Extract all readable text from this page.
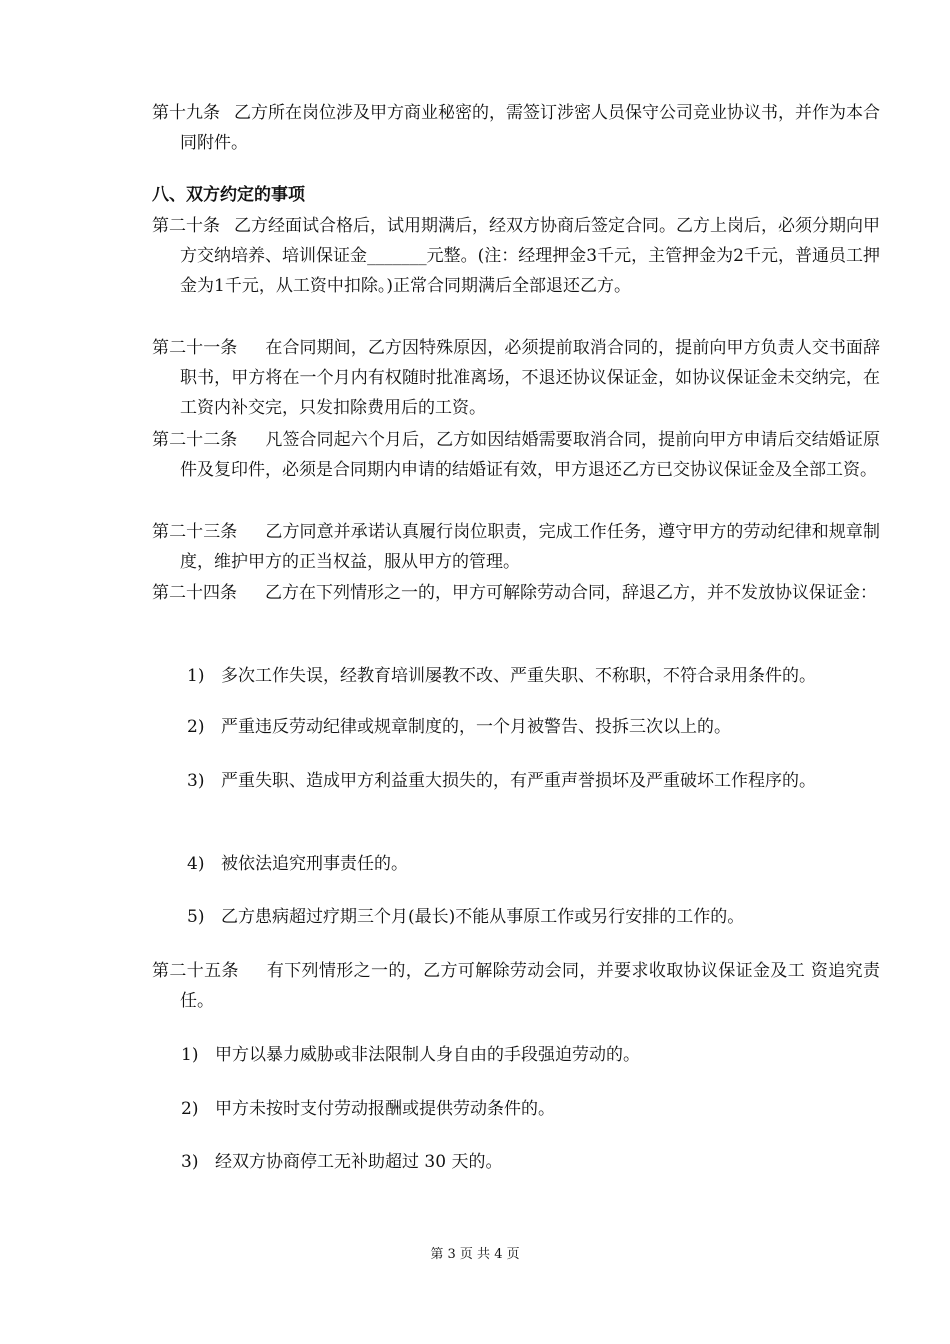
第十九条 乙方所在岗位涉及甲方商业秘密的，需签订涉密人员保守公司竞业协议书，并作为本合同附件。

八、双方约定的事项

第二十条 乙方经面试合格后，试用期满后，经双方协商后签定合同。乙方上岗后，必须分期向甲方交纳培养、培训保证金_______元整。(注：经理押金3千元，主管押金为2千元，普通员工押金为1千元，从工资中扣除。)正常合同期满后全部退还乙方。

第二十一条 在合同期间，乙方因特殊原因，必须提前取消合同的，提前向甲方负责人交书面辞职书，甲方将在一个月内有权随时批准离场，不退还协议保证金，如协议保证金未交纳完，在工资内补交完，只发扣除费用后的工资。

第二十二条 凡签合同起六个月后，乙方如因结婚需要取消合同，提前向甲方申请后交结婚证原件及复印件，必须是合同期内申请的结婚证有效，甲方退还乙方已交协议保证金及全部工资。

第二十三条 乙方同意并承诺认真履行岗位职责，完成工作任务，遵守甲方的劳动纪律和规章制度，维护甲方的正当权益，服从甲方的管理。

第二十四条 乙方在下列情形之一的，甲方可解除劳动合同，辞退乙方，并不发放协议保证金：

1) 多次工作失误，经教育培训屡教不改、严重失职、不称职，不符合录用条件的。

2) 严重违反劳动纪律或规章制度的，一个月被警告、投拆三次以上的。

3) 严重失职、造成甲方利益重大损失的，有严重声誉损坏及严重破坏工作程序的。

4) 被依法追究刑事责任的。

5) 乙方患病超过疗期三个月(最长)不能从事原工作或另行安排的工作的。

第二十五条 有下列情形之一的，乙方可解除劳动会同，并要求收取协议保证金及工 资追究责任。

1) 甲方以暴力威胁或非法限制人身自由的手段强迫劳动的。

2) 甲方未按时支付劳动报酬或提供劳动条件的。

3) 经双方协商停工无补助超过 30 天的。

第 3 页 共 4 页
